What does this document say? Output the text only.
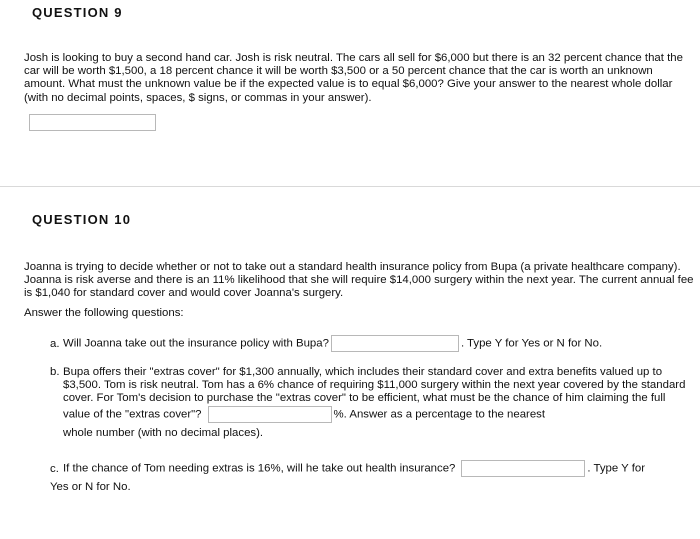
QUESTION 9
Josh is looking to buy a second hand car. Josh is risk neutral. The cars all sell for $6,000 but there is an 32 percent chance that the car will be worth $1,500, a 18 percent chance it will be worth $3,500 or a 50 percent chance that the car is worth an unknown amount. What must the unknown value be if the expected value is to equal $6,000? Give your answer to the nearest whole dollar (with no decimal points, spaces, $ signs, or commas in your answer).
QUESTION 10
Joanna is trying to decide whether or not to take out a standard health insurance policy from Bupa (a private healthcare company). Joanna is risk averse and there is an 11% likelihood that she will require $14,000 surgery within the next year. The current annual fee is $1,040 for standard cover and would cover Joanna's surgery.
Answer the following questions:
a. Will Joanna take out the insurance policy with Bupa?	. Type Y for Yes or N for No.
b. Bupa offers their "extras cover" for $1,300 annually, which includes their standard cover and extra benefits valued up to $3,500. Tom is risk neutral. Tom has a 6% chance of requiring $11,000 surgery within the next year covered by the standard cover. For Tom's decision to purchase the "extras cover" to be efficient, what must be the chance of him claiming the full value of the "extras cover"?	%. Answer as a percentage to the nearest
whole number (with no decimal places).
c. If the chance of Tom needing extras is 16%, will he take out health insurance?	. Type Y for
Yes or N for No.
